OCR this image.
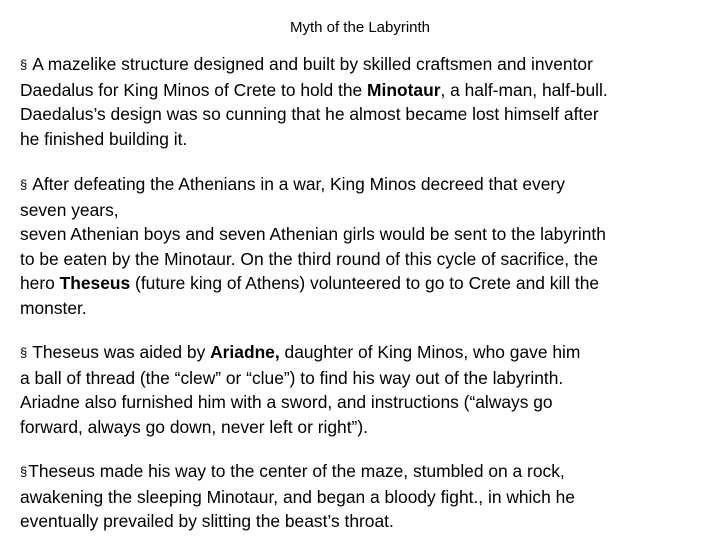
Myth of the Labyrinth
§ A mazelike structure designed and built by skilled craftsmen and inventor
Daedalus for King Minos of Crete to hold the Minotaur, a half-man, half-bull.
Daedalus’s design was so cunning that he almost became lost himself after
he finished building it.
§ After defeating the Athenians in a war, King Minos decreed that every
seven years,
seven Athenian boys and seven Athenian girls would be sent to the labyrinth
to be eaten by the Minotaur. On the third round of this cycle of sacrifice, the
hero Theseus (future king of Athens) volunteered to go to Crete and kill the
monster.
§ Theseus was aided by Ariadne, daughter of King Minos, who gave him
a ball of thread (the “clew” or “clue”) to find his way out of the labyrinth.
Ariadne also furnished him with a sword, and instructions (“always go
forward, always go down, never left or right”).
§Theseus made his way to the center of the maze, stumbled on a rock,
awakening the sleeping Minotaur, and began a bloody fight., in which he
eventually prevailed by slitting the beast’s throat.
